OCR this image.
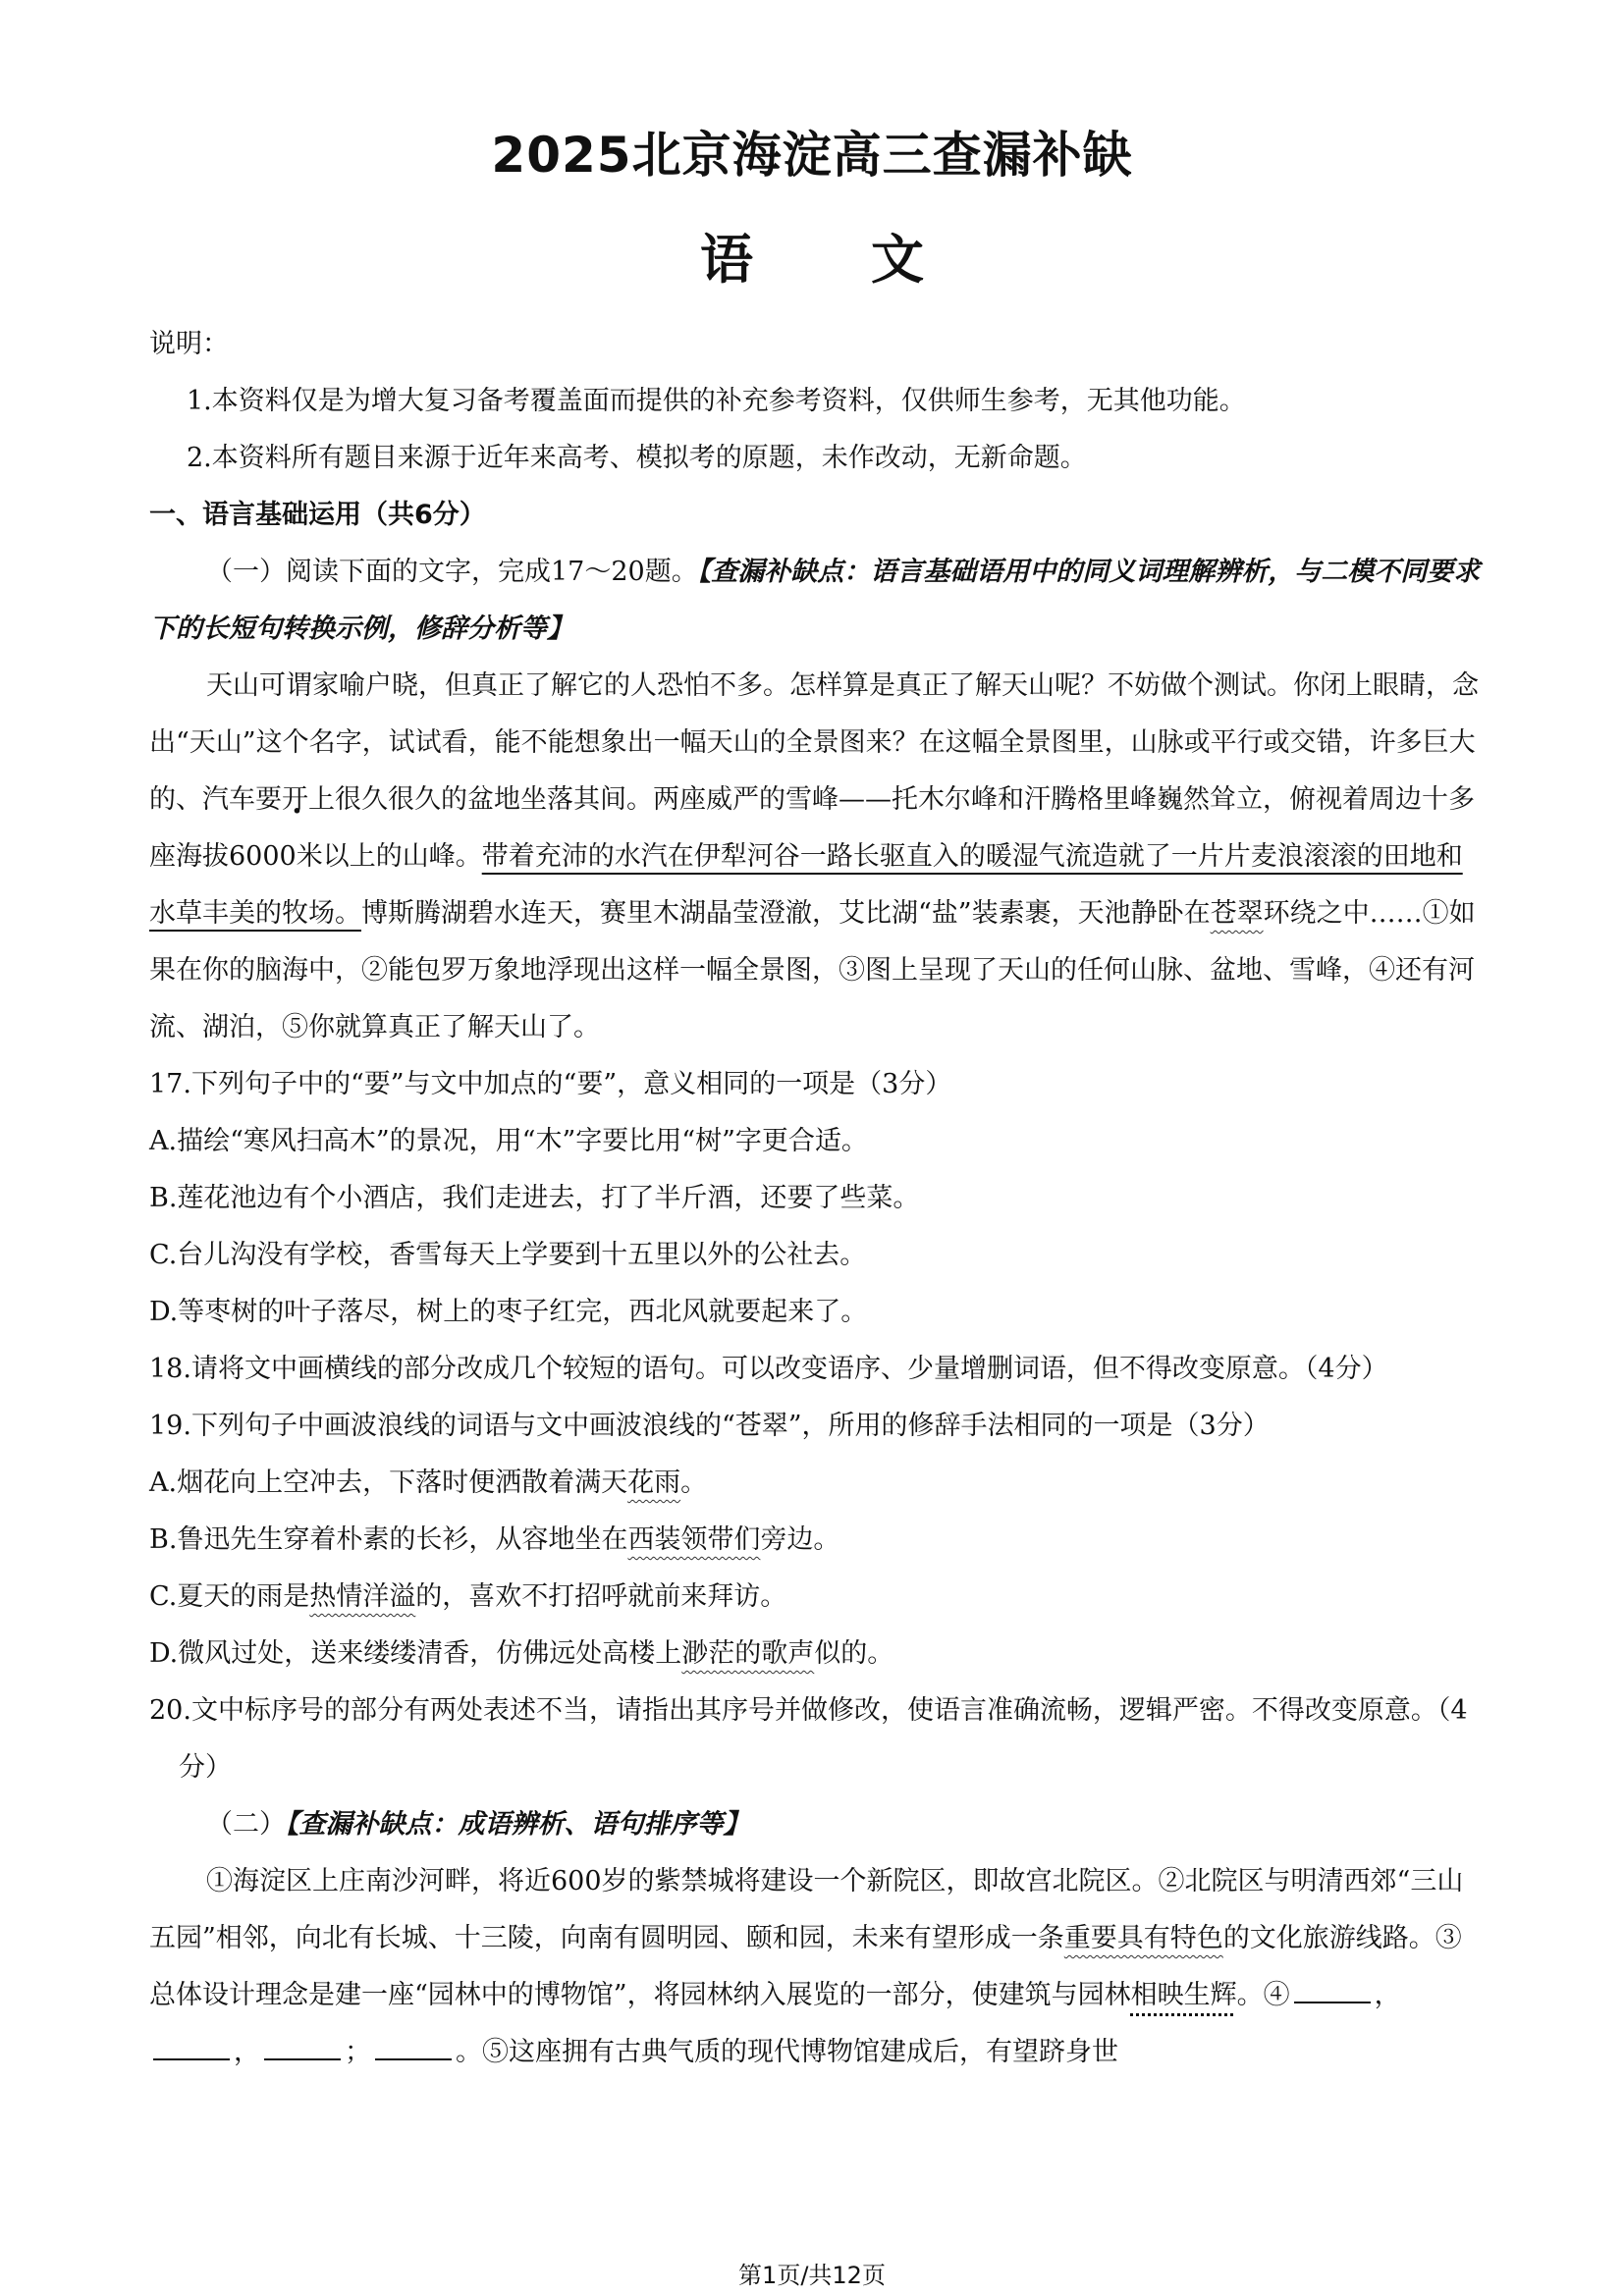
2025北京海淀高三查漏补缺
语 文

说明：

1.本资料仅是为增大复习备考覆盖面而提供的补充参考资料，仅供师生参考，无其他功能。

2.本资料所有题目来源于近年来高考、模拟考的原题，未作改动，无新命题。

一、语言基础运用（共6分）

（一）阅读下面的文字，完成17～20题。【查漏补缺点：语言基础语用中的同义词理解辨析，与二模不同要求下的长短句转换示例，修辞分析等】

天山可谓家喻户晓，但真正了解它的人恐怕不多。怎样算是真正了解天山呢？不妨做个测试。你闭上眼睛，念出“天山”这个名字，试试看，能不能想象出一幅天山的全景图来？在这幅全景图里，山脉或平行或交错，许多巨大的、汽车要开上很久很久的盆地坐落其间。两座威严的雪峰——托木尔峰和汗腾格里峰巍然耸立，俯视着周边十多座海拔6000米以上的山峰。带着充沛的水汽在伊犁河谷一路长驱直入的暖湿气流造就了一片片麦浪滚滚的田地和水草丰美的牧场。博斯腾湖碧水连天，赛里木湖晶莹澄澈，艾比湖“盐”装素裹，天池静卧在苍翠环绕之中……①如果在你的脑海中，②能包罗万象地浮现出这样一幅全景图，③图上呈现了天山的任何山脉、盆地、雪峰，④还有河流、湖泊，⑤你就算真正了解天山了。

17.下列句子中的“要”与文中加点的“要”，意义相同的一项是（3分）

A.描绘“寒风扫高木”的景况，用“木”字要比用“树”字更合适。

B.莲花池边有个小酒店，我们走进去，打了半斤酒，还要了些菜。

C.台儿沟没有学校，香雪每天上学要到十五里以外的公社去。

D.等枣树的叶子落尽，树上的枣子红完，西北风就要起来了。

18.请将文中画横线的部分改成几个较短的语句。可以改变语序、少量增删词语，但不得改变原意。（4分）

19.下列句子中画波浪线的词语与文中画波浪线的“苍翠”，所用的修辞手法相同的一项是（3分）

A.烟花向上空冲去，下落时便洒散着满天花雨。

B.鲁迅先生穿着朴素的长衫，从容地坐在西装领带们旁边。

C.夏天的雨是热情洋溢的，喜欢不打招呼就前来拜访。

D.微风过处，送来缕缕清香，仿佛远处高楼上渺茫的歌声似的。

20.文中标序号的部分有两处表述不当，请指出其序号并做修改，使语言准确流畅，逻辑严密。不得改变原意。（4分）

（二）【查漏补缺点：成语辨析、语句排序等】

①海淀区上庄南沙河畔，将近600岁的紫禁城将建设一个新院区，即故宫北院区。②北院区与明清西郊“三山五园”相邻，向北有长城、十三陵，向南有圆明园、颐和园，未来有望形成一条重要具有特色的文化旅游线路。③总体设计理念是建一座“园林中的博物馆”，将园林纳入展览的一部分，使建筑与园林相映生辉。④	，，	；	。⑤这座拥有古典气质的现代博物馆建成后，有望跻身世

第1页/共12页
